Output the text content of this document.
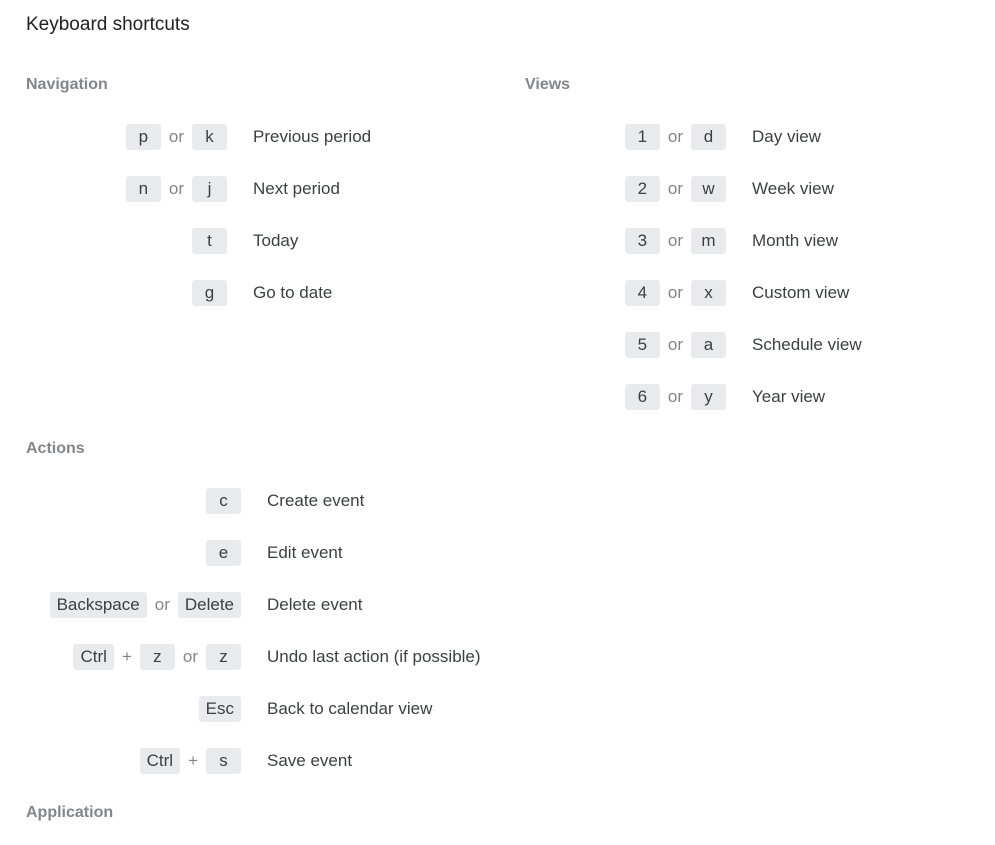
Keyboard shortcuts
Navigation
p	or	k	Previous period
n	or	j	Next period
t	Today
g	Go to date
Views
1	or	d	Day view
2	or	w	Week view
3	or	m	Month view
4	or	x	Custom view
5	or	a	Schedule view
6	or	y	Year view
Actions
c	Create event
e	Edit event
Backspace or Delete	Delete event
Ctrl +	z	or	z	Undo last action (if possible)
Esc	Back to calendar view
Ctrl +	s	Save event
Application
